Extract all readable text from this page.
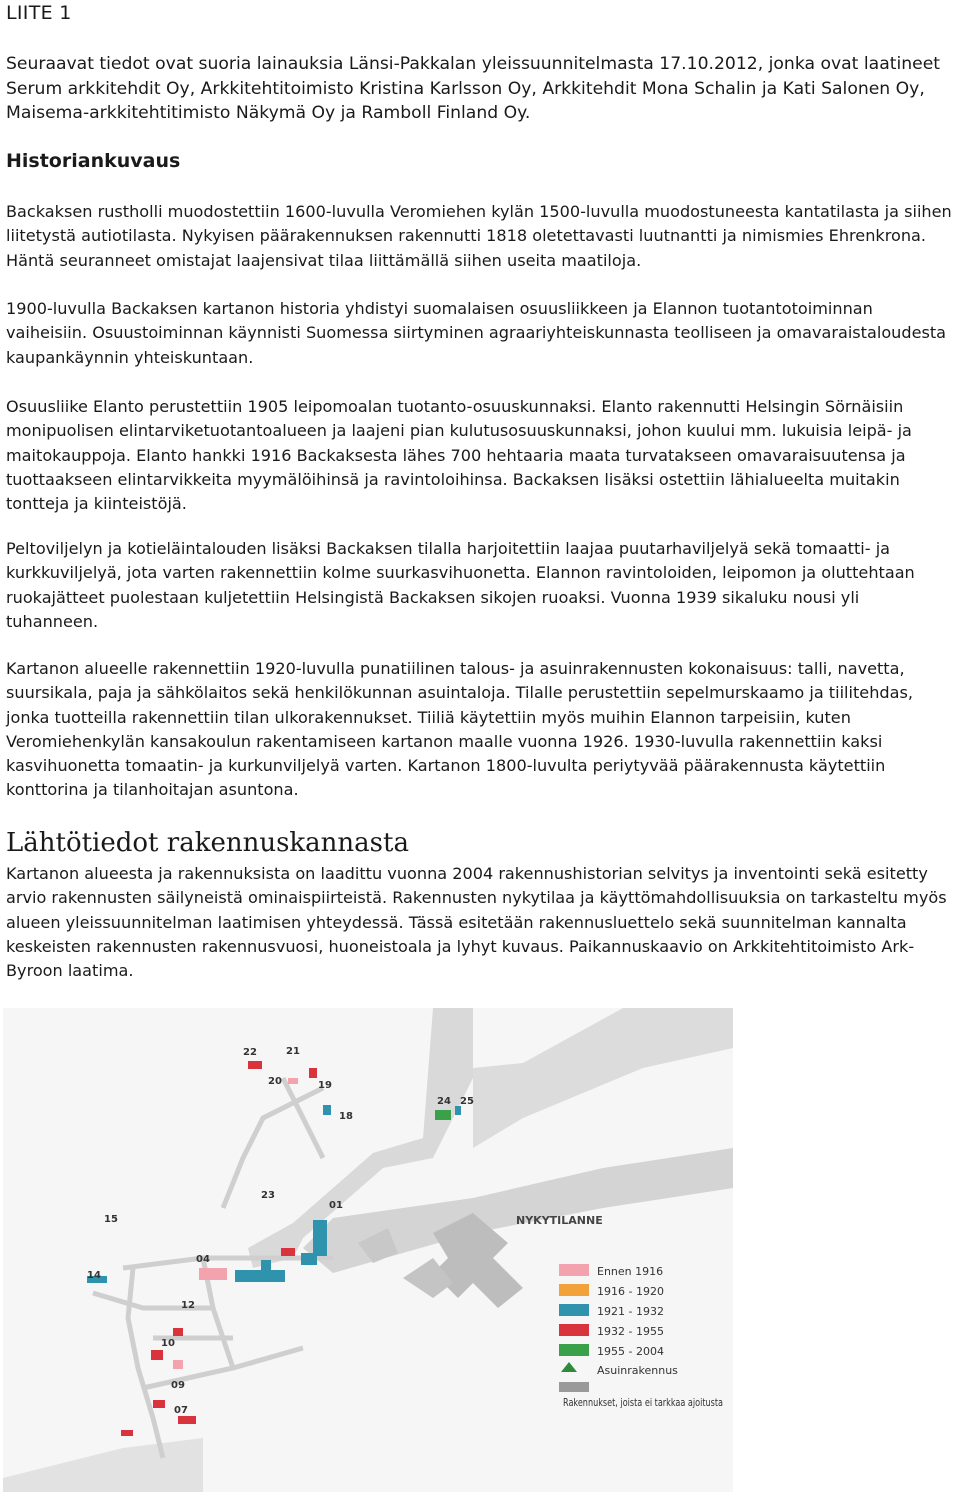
LIITE 1
Seuraavat tiedot ovat suoria lainauksia Länsi-Pakkalan yleissuunnitelmasta 17.10.2012, jonka ovat laatineet Serum arkkitehdit Oy, Arkkitehtitoimisto Kristina Karlsson Oy, Arkkitehdit Mona Schalin ja Kati Salonen Oy, Maisema-arkkitehtitimisto Näkymä Oy ja Ramboll Finland Oy.
Historiankuvaus
Backaksen rustholli muodostettiin 1600-luvulla Veromiehen kylän 1500-luvulla muodostuneesta kantatilasta ja siihen liitetystä autiotilasta. Nykyisen päärakennuksen rakennutti 1818 oletettavasti luutnantti ja nimismies Ehrenkrona. Häntä seuranneet omistajat laajensivat tilaa liittämällä siihen useita maatiloja.
1900-luvulla Backaksen kartanon historia yhdistyi suomalaisen osuusliikkeen ja Elannon tuotantotoiminnan vaiheisiin. Osuustoiminnan käynnisti Suomessa siirtyminen agraariyhteiskunnasta teolliseen ja omavaraistaloudesta kaupankäynnin yhteiskuntaan.
Osuusliike Elanto perustettiin 1905 leipomoalan tuotanto-osuuskunnaksi. Elanto rakennutti Helsingin Sörnäisiin monipuolisen elintarviketuotantoalueen ja laajeni pian kulutusosuuskunnaksi, johon kuului mm. lukuisia leipä- ja maitokauppoja. Elanto hankki 1916 Backaksesta lähes 700 hehtaaria maata turvatakseen omavaraisuutensa ja tuottaakseen elintarvikkeita myymälöihinsä ja ravintoloihinsa. Backaksen lisäksi ostettiin lähialueelta muitakin tontteja ja kiinteistöjä.
Peltoviljelyn ja kotieläintalouden lisäksi Backaksen tilalla harjoitettiin laajaa puutarhaviljelyä sekä tomaatti- ja kurkkuviljelyä, jota varten rakennettiin kolme suurkasvihuonetta. Elannon ravintoloiden, leipomon ja oluttehtaan ruokajätteet puolestaan kuljetettiin Helsingistä Backaksen sikojen ruoaksi. Vuonna 1939 sikaluku nousi yli tuhanneen.
Kartanon alueelle rakennettiin 1920-luvulla punatiilinen talous- ja asuinrakennusten kokonaisuus: talli, navetta, suursikala, paja ja sähkölaitos sekä henkilökunnan asuintaloja. Tilalle perustettiin sepelmurskaamo ja tiilitehdas, jonka tuotteilla rakennettiin tilan ulkorakennukset. Tiiliä käytettiin myös muihin Elannon tarpeisiin, kuten Veromiehenkylän kansakoulun rakentamiseen kartanon maalle vuonna 1926. 1930-luvulla rakennettiin kaksi kasvihuonetta tomaatin- ja kurkunviljelyä varten. Kartanon 1800-luvulta periytyvää päärakennusta käytettiin konttorina ja tilanhoitajan asuntona.
Lähtötiedot rakennuskannasta
Kartanon alueesta ja rakennuksista on laadittu vuonna 2004 rakennushistorian selvitys ja inventointi sekä esitetty arvio rakennusten säilyneistä ominaispiirteistä. Rakennusten nykytilaa ja käyttömahdollisuuksia on tarkasteltu myös alueen yleissuunnitelman laatimisen yhteydessä. Tässä esitetään rakennusluettelo sekä suunnitelman kannalta keskeisten rakennusten rakennusvuosi, huoneistoala ja lyhyt kuvaus. Paikannuskaavio on Arkkitehtitoimisto Ark-Byroon laatima.
22	21
20	19
18
24 25
23
01
15
04
14
12
10
09
07
NYKYTILANNE
Ennen 1916
1916 - 1920
1921 - 1932
1932 - 1955
1955 - 2004
Asuinrakennus
Rakennukset, joista ei tarkkaa ajoitusta
